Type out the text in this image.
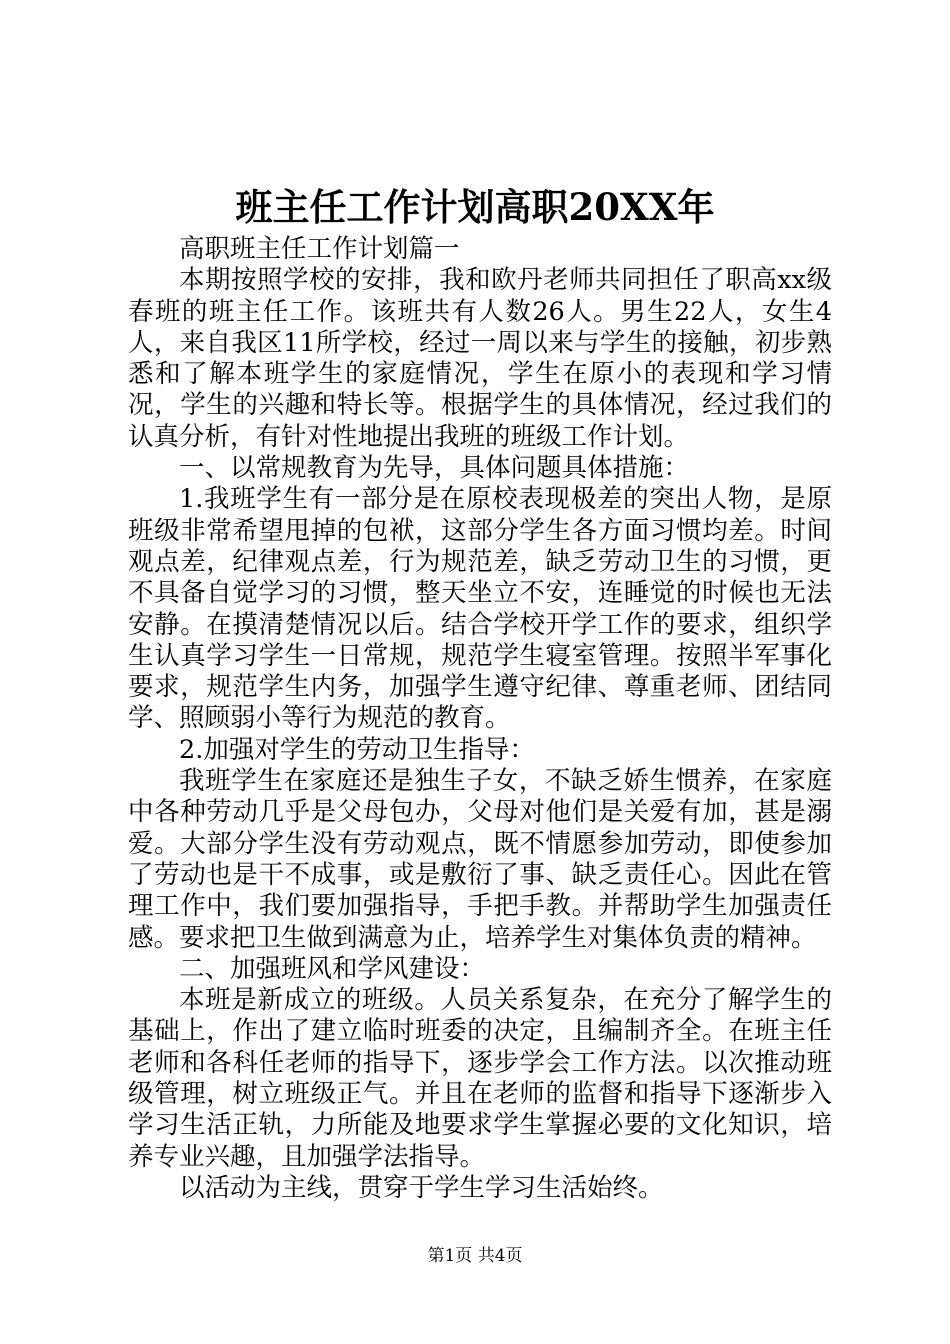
班主任工作计划高职20XX年

高职班主任工作计划篇一

本期按照学校的安排，我和欧丹老师共同担任了职高xx级春班的班主任工作。该班共有人数26人。男生22人，女生4人，来自我区11所学校，经过一周以来与学生的接触，初步熟悉和了解本班学生的家庭情况，学生在原小的表现和学习情况，学生的兴趣和特长等。根据学生的具体情况，经过我们的认真分析，有针对性地提出我班的班级工作计划。

一、以常规教育为先导，具体问题具体措施：

1.我班学生有一部分是在原校表现极差的突出人物，是原班级非常希望甩掉的包袱，这部分学生各方面习惯均差。时间观点差，纪律观点差，行为规范差，缺乏劳动卫生的习惯，更不具备自觉学习的习惯，整天坐立不安，连睡觉的时候也无法安静。在摸清楚情况以后。结合学校开学工作的要求，组织学生认真学习学生一日常规，规范学生寝室管理。按照半军事化要求，规范学生内务，加强学生遵守纪律、尊重老师、团结同学、照顾弱小等行为规范的教育。

2.加强对学生的劳动卫生指导：

我班学生在家庭还是独生子女，不缺乏娇生惯养，在家庭中各种劳动几乎是父母包办，父母对他们是关爱有加，甚是溺爱。大部分学生没有劳动观点，既不情愿参加劳动，即使参加了劳动也是干不成事，或是敷衍了事、缺乏责任心。因此在管理工作中，我们要加强指导，手把手教。并帮助学生加强责任感。要求把卫生做到满意为止，培养学生对集体负责的精神。

二、加强班风和学风建设：

本班是新成立的班级。人员关系复杂，在充分了解学生的基础上，作出了建立临时班委的决定，且编制齐全。在班主任老师和各科任老师的指导下，逐步学会工作方法。以次推动班级管理，树立班级正气。并且在老师的监督和指导下逐渐步入学习生活正轨，力所能及地要求学生掌握必要的文化知识，培养专业兴趣，且加强学法指导。

以活动为主线，贯穿于学生学习生活始终。

第1页 共4页
